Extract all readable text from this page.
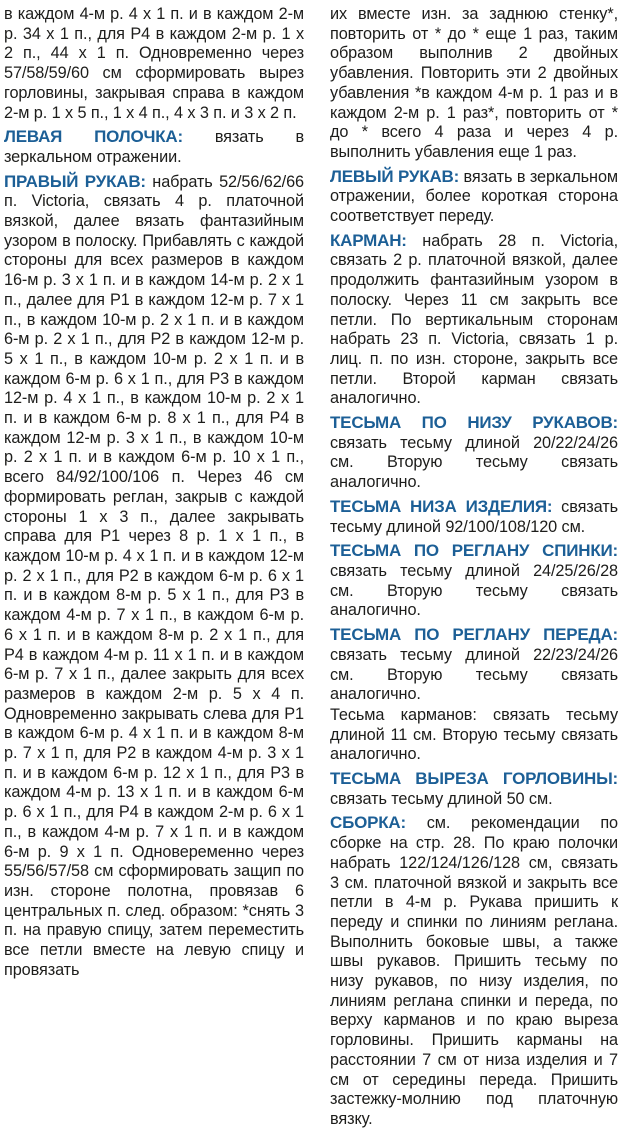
в каждом 4-м р. 4 х 1 п. и в каждом 2-м р. 34 х 1 п., для Р4 в каждом 2-м р. 1 х 2 п., 44 х 1 п. Одновременно через 57/58/59/60 см сформировать вырез горловины, закрывая справа в каждом 2-м р. 1 х 5 п., 1 х 4 п., 4 х 3 п. и 3 х 2 п.

ЛЕВАЯ ПОЛОЧКА: вязать в зеркальном отражении.

ПРАВЫЙ РУКАВ: набрать 52/56/62/66 п. Victoria, связать 4 р. платочной вязкой, далее вязать фантазийным узором в полоску. Прибавлять с каждой стороны для всех размеров в каждом 16-м р. 3 х 1 п. и в каждом 14-м р. 2 х 1 п., далее для Р1 в каждом 12-м р. 7 х 1 п., в каждом 10-м р. 2 х 1 п. и в каждом 6-м р. 2 х 1 п., для Р2 в каждом 12-м р. 5 х 1 п., в каждом 10-м р. 2 х 1 п. и в каждом 6-м р. 6 х 1 п., для Р3 в каждом 12-м р. 4 х 1 п., в каждом 10-м р. 2 х 1 п. и в каждом 6-м р. 8 х 1 п., для Р4 в каждом 12-м р. 3 х 1 п., в каждом 10-м р. 2 х 1 п. и в каждом 6-м р. 10 х 1 п., всего 84/92/100/106 п. Через 46 см формировать реглан, закрыв с каждой стороны 1 х 3 п., далее закрывать справа для Р1 через 8 р. 1 х 1 п., в каждом 10-м р. 4 х 1 п. и в каждом 12-м р. 2 х 1 п., для Р2 в каждом 6-м р. 6 х 1 п. и в каждом 8-м р. 5 х 1 п., для Р3 в каждом 4-м р. 7 х 1 п., в каждом 6-м р. 6 х 1 п. и в каждом 8-м р. 2 х 1 п., для Р4 в каждом 4-м р. 11 х 1 п. и в каждом 6-м р. 7 х 1 п., далее закрыть для всех размеров в каждом 2-м р. 5 х 4 п. Одновременно закрывать слева для Р1 в каждом 6-м р. 4 х 1 п. и в каждом 8-м р. 7 х 1 п, для Р2 в каждом 4-м р. 3 х 1 п. и в каждом 6-м р. 12 х 1 п., для Р3 в каждом 4-м р. 13 х 1 п. и в каждом 6-м р. 6 х 1 п., для Р4 в каждом 2-м р. 6 х 1 п., в каждом 4-м р. 7 х 1 п. и в каждом 6-м р. 9 х 1 п. Одновеременно через 55/56/57/58 см сформировать защип по изн. стороне полотна, провязав 6 центральных п. след. образом: *снять 3 п. на правую спицу, затем переместить все петли вместе на левую спицу и провязать

их вместе изн. за заднюю стенку*, повторить от * до * еще 1 раз, таким образом выполнив 2 двойных убавления. Повторить эти 2 двойных убавления *в каждом 4-м р. 1 раз и в каждом 2-м р. 1 раз*, повторить от * до * всего 4 раза и через 4 р. выполнить убавления еще 1 раз.

ЛЕВЫЙ РУКАВ: вязать в зеркальном отражении, более короткая сторона соответствует переду.

КАРМАН: набрать 28 п. Victoria, связать 2 р. платочной вязкой, далее продолжить фантазийным узором в полоску. Через 11 см закрыть все петли. По вертикальным сторонам набрать 23 п. Victoria, связать 1 р. лиц. п. по изн. стороне, закрыть все петли. Второй карман связать аналогично.

ТЕСЬМА ПО НИЗУ РУКАВОВ: связать тесьму длиной 20/22/24/26 см. Вторую тесьму связать аналогично.

ТЕСЬМА НИЗА ИЗДЕЛИЯ: связать тесьму длиной 92/100/108/120 см.

ТЕСЬМА ПО РЕГЛАНУ СПИНКИ: связать тесьму длиной 24/25/26/28 см. Вторую тесьму связать аналогично.

ТЕСЬМА ПО РЕГЛАНУ ПЕРЕДА: связать тесьму длиной 22/23/24/26 см. Вторую тесьму связать аналогично.

Тесьма карманов: связать тесьму длиной 11 см. Вторую тесьму связать аналогично.

ТЕСЬМА ВЫРЕЗА ГОРЛОВИНЫ: связать тесьму длиной 50 см.

СБОРКА: см. рекомендации по сборке на стр. 28. По краю полочки набрать 122/124/126/128 см, связать 3 см. платочной вязкой и закрыть все петли в 4-м р. Рукава пришить к переду и спинки по линиям реглана. Выполнить боковые швы, а также швы рукавов. Пришить тесьму по низу рукавов, по низу изделия, по линиям реглана спинки и переда, по верху карманов и по краю выреза горловины. Пришить карманы на расстоянии 7 см от низа изделия и 7 см от середины переда. Пришить застежку-молнию под платочную вязку.
